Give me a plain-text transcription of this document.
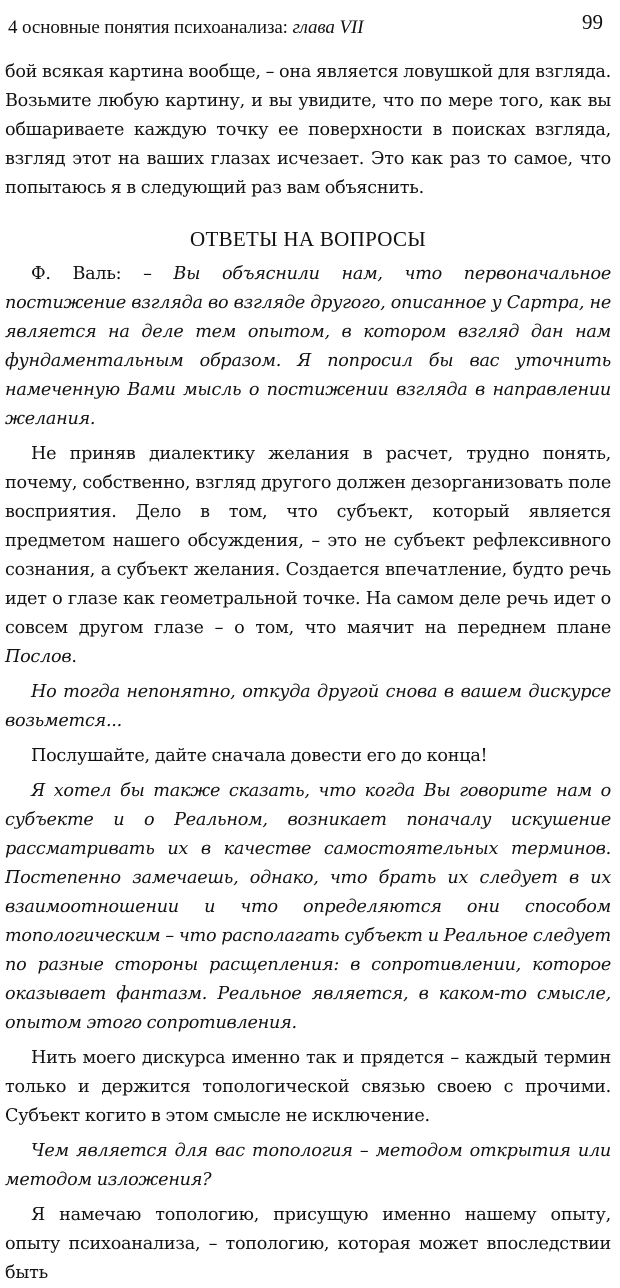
4 основные понятия психоанализа: глава VII	99

бой всякая картина вообще, – она является ловушкой для взгляда. Возьмите любую картину, и вы увидите, что по мере того, как вы обшариваете каждую точку ее поверхности в поисках взгляда, взгляд этот на ваших глазах исчезает. Это как раз то самое, что попытаюсь я в следующий раз вам объяснить.

ОТВЕТЫ НА ВОПРОСЫ

Ф. Валь: – Вы объяснили нам, что первоначальное постижение взгляда во взгляде другого, описанное у Сартра, не является на деле тем опытом, в котором взгляд дан нам фундаментальным образом. Я попросил бы вас уточнить намеченную Вами мысль о постижении взгляда в направлении желания.

Не приняв диалектику желания в расчет, трудно понять, почему, собственно, взгляд другого должен дезорганизовать поле восприятия. Дело в том, что субъект, который является предметом нашего обсуждения, – это не субъект рефлексивного сознания, а субъект желания. Создается впечатление, будто речь идет о глазе как геометральной точке. На самом деле речь идет о совсем другом глазе – о том, что маячит на переднем плане Послов.

Но тогда непонятно, откуда другой снова в вашем дискурсе возьмется...

Послушайте, дайте сначала довести его до конца!

Я хотел бы также сказать, что когда Вы говорите нам о субъекте и о Реальном, возникает поначалу искушение рассматривать их в качестве самостоятельных терминов. Постепенно замечаешь, однако, что брать их следует в их взаимоотношении и что определяются они способом топологическим – что располагать субъект и Реальное следует по разные стороны расщепления: в сопротивлении, которое оказывает фантазм. Реальное является, в каком-то смысле, опытом этого сопротивления.

Нить моего дискурса именно так и прядется – каждый термин только и держится топологической связью своею с прочими. Субъект когито в этом смысле не исключение.

Чем является для вас топология – методом открытия или методом изложения?

Я намечаю топологию, присущую именно нашему опыту, опыту психоанализа, – топологию, которая может впоследствии быть
